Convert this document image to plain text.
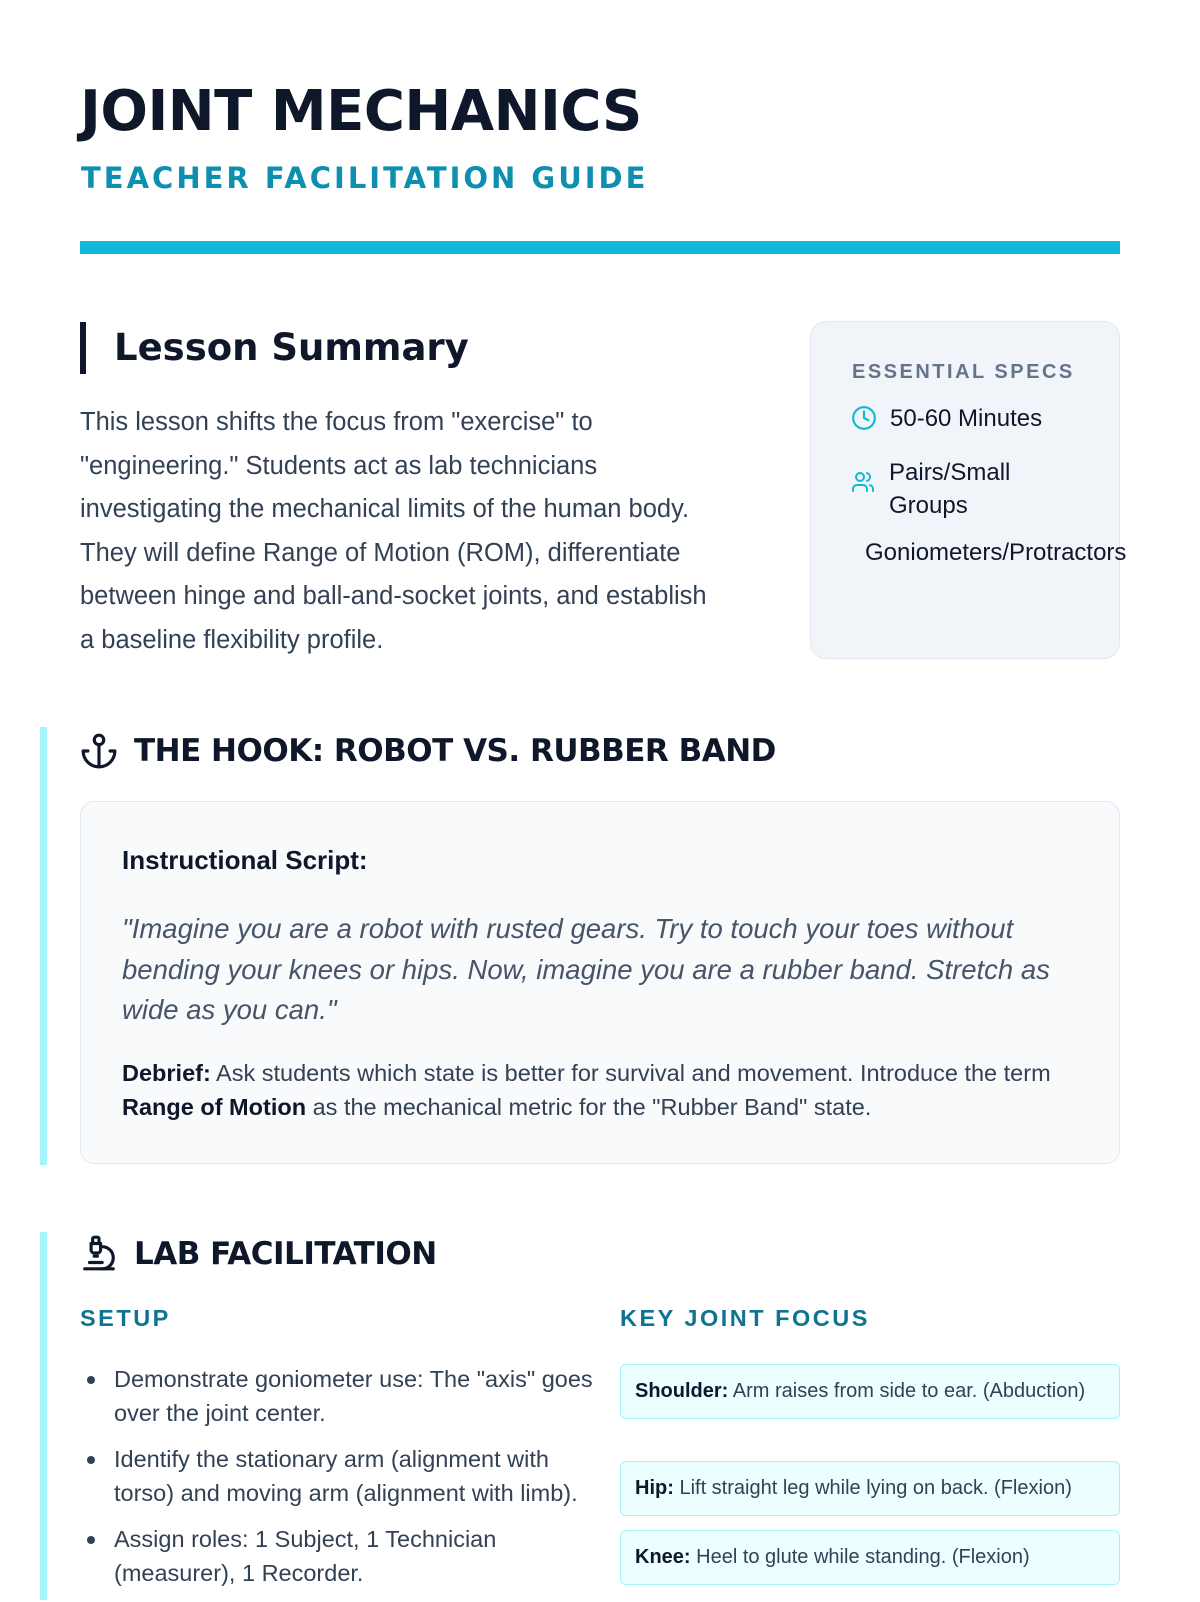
JOINT MECHANICS
TEACHER FACILITATION GUIDE
Lesson Summary

This lesson shifts the focus from "exercise" to "engineering." Students act as lab technicians investigating the mechanical limits of the human body. They will define Range of Motion (ROM), differentiate between hinge and ball-and-socket joints, and establish a baseline flexibility profile.

ESSENTIAL SPECS
50-60 Minutes
Pairs/Small Groups
Goniometers/Protractors
THE HOOK: ROBOT VS. RUBBER BAND
Instructional Script:

"Imagine you are a robot with rusted gears. Try to touch your toes without bending your knees or hips. Now, imagine you are a rubber band. Stretch as wide as you can."

Debrief: Ask students which state is better for survival and movement. Introduce the term Range of Motion as the mechanical metric for the "Rubber Band" state.

LAB FACILITATION
SETUP
Demonstrate goniometer use: The "axis" goes over the joint center.
Identify the stationary arm (alignment with torso) and moving arm (alignment with limb).
Assign roles: 1 Subject, 1 Technician (measurer), 1 Recorder.
KEY JOINT FOCUS
Shoulder: Arm raises from side to ear. (Abduction)
Hip: Lift straight leg while lying on back. (Flexion)
Knee: Heel to glute while standing. (Flexion)
